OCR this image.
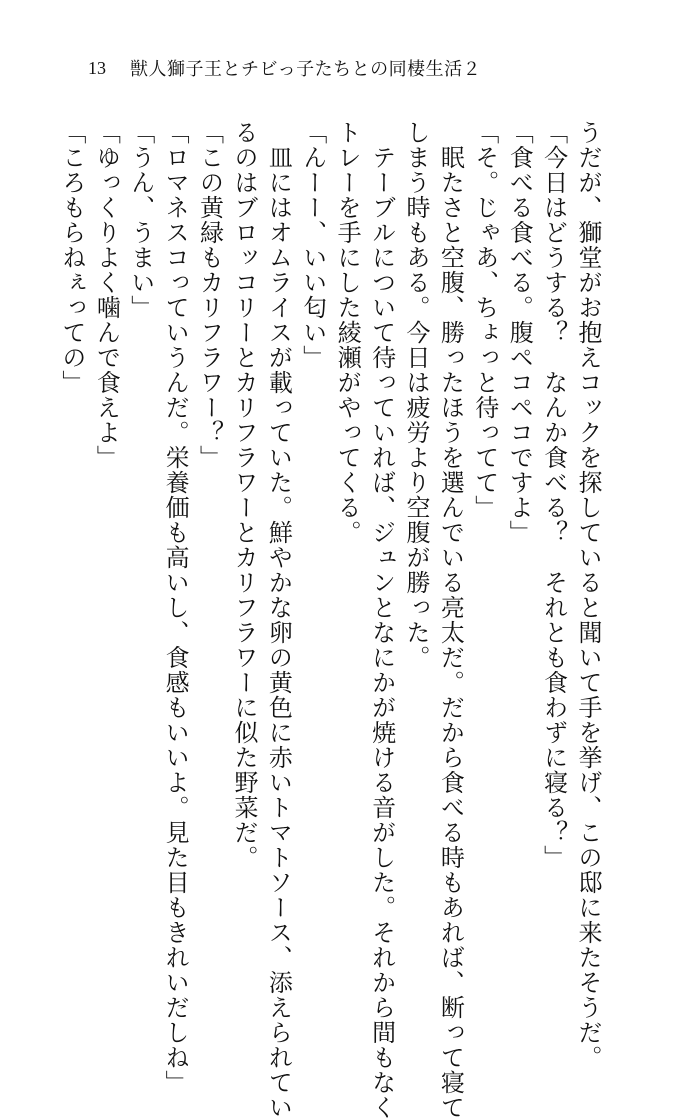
13 獣人獅子王とチビっ子たちとの同棲生活２

うだが、獅堂がお抱えコックを探していると聞いて手を挙げ、この邸に来たそうだ。

「今日はどうする？　なんか食べる？　それとも食わずに寝る？」

「食べる食べる。腹ペコペコですよ」

「そ。じゃあ、ちょっと待ってて」

　眠たさと空腹、勝ったほうを選んでいる亮太だ。だから食べる時もあれば、断って寝て

しまう時もある。今日は疲労より空腹が勝った。

　テーブルについて待っていれば、ジュンとなにかが焼ける音がした。それから間もなく

トレーを手にした綾瀬がやってくる。

「んーー、いい匂い」

　皿にはオムライスが載っていた。鮮やかな卵の黄色に赤いトマトソース、添えられてい

るのはブロッコリーとカリフラワーとカリフラワーに似た野菜だ。

「この黄緑もカリフラワー？」

「ロマネスコっていうんだ。栄養価も高いし、食感もいいよ。見た目もきれいだしね」

「うん、うまい」

「ゆっくりよく噛んで食えよ」

「ころもらねぇっての」
